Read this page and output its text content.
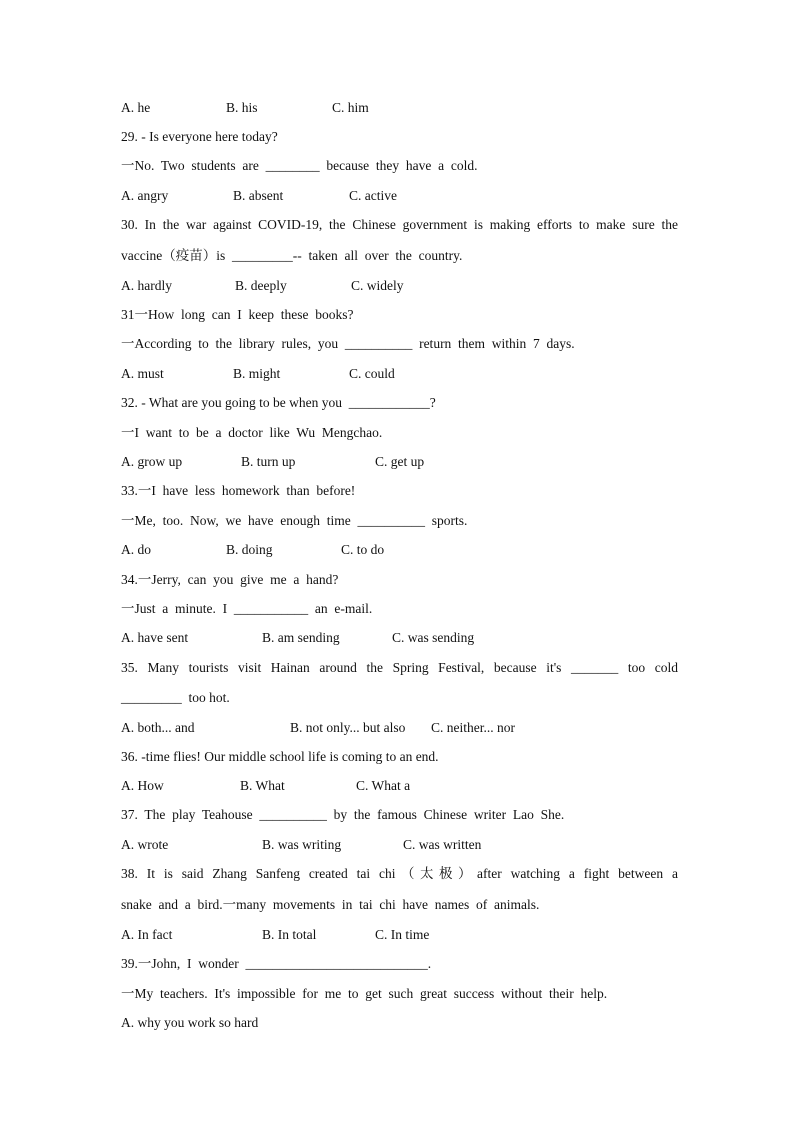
A. he	B. his	C. him
29. - Is everyone here today?
一No.  Two  students  are  ________  because  they  have  a  cold.
A. angry	B. absent	C. active
30. In the war against COVID-19, the Chinese government is making efforts to make sure the
vaccine（疫苗）is  _________--  taken  all  over  the  country.
A. hardly	B. deeply	C. widely
31一How  long  can  I  keep  these  books?
一According  to  the  library  rules,  you  __________  return  them  within  7  days.
A. must	B. might	C. could
32. - What are you going to be when you  ____________?
一I  want  to  be  a  doctor  like  Wu  Mengchao.
A. grow up	B. turn up	C. get up
33.一I  have  less  homework  than  before!
一Me,  too.  Now,  we  have  enough  time  __________  sports.
A. do	B. doing	C. to do
34.一Jerry,  can  you  give  me  a  hand?
一Just  a  minute.  I  ___________  an  e-mail.
A. have sent	B. am sending	C. was sending
35. Many tourists visit Hainan around the Spring Festival, because it's _______ too cold
_________  too hot.
A. both... and	B. not only... but also C. neither... nor
36. -time flies! Our middle school life is coming to an end.
A. How	B. What	C. What a
37.  The  play  Teahouse  __________  by  the  famous  Chinese  writer  Lao  She.
A. wrote	B. was writing	C. was written
38. It is said Zhang Sanfeng created tai chi（太极）after watching a fight between a
snake  and  a  bird.一many  movements  in  tai  chi  have  names  of  animals.
A. In fact	B. In total	C. In time
39.一John,  I  wonder  ___________________________.
一My  teachers.  It's  impossible  for  me  to  get  such  great  success  without  their  help.
A. why you work so hard
